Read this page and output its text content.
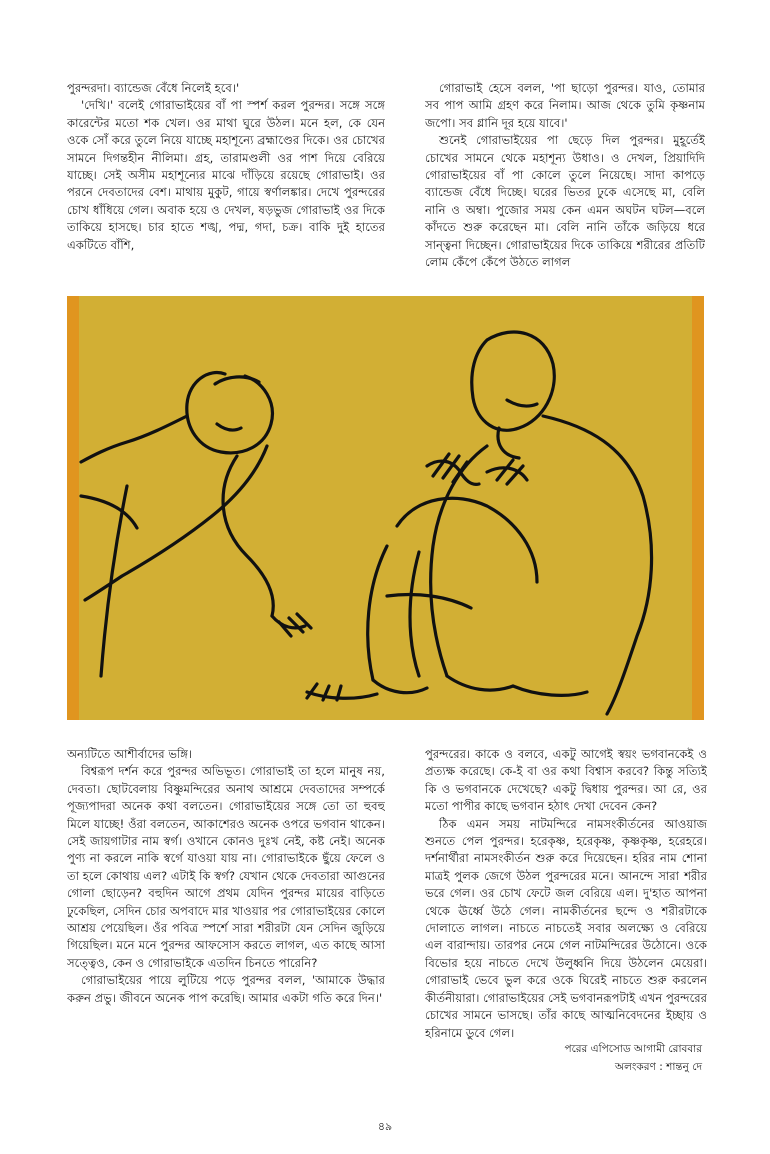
পুরন্দরদা। ব্যান্ডেজ বেঁধে নিলেই হবে।'

'দেখি।' বলেই গোরাভাইয়ের বাঁ পা স্পর্শ করল পুরন্দর। সঙ্গে সঙ্গে কারেন্টের মতো শক খেল। ওর মাথা ঘুরে উঠল। মনে হল, কে যেন ওকে সোঁ করে তুলে নিয়ে যাচ্ছে মহাশূন্যে ব্রহ্মাণ্ডের দিকে। ওর চোখের সামনে দিগন্তহীন নীলিমা। গ্রহ, তারামণ্ডলী ওর পাশ দিয়ে বেরিয়ে যাচ্ছে। সেই অসীম মহাশূন্যের মাঝে দাঁড়িয়ে রয়েছে গোরাভাই। ওর পরনে দেবতাদের বেশ। মাথায় মুকুট, গায়ে স্বর্ণালঙ্কার। দেখে পুরন্দরের চোখ ধাঁধিয়ে গেল। অবাক হয়ে ও দেখল, ষড়ভুজ গোরাভাই ওর দিকে তাকিয়ে হাসছে। চার হাতে শঙ্খ, পদ্ম, গদা, চক্র। বাকি দুই হাতের একটিতে বাঁশি,

গোরাভাই হেসে বলল, 'পা ছাড়ো পুরন্দর। যাও, তোমার সব পাপ আমি গ্রহণ করে নিলাম। আজ থেকে তুমি কৃষ্ণনাম জপো। সব গ্লানি দূর হয়ে যাবে।'

শুনেই গোরাভাইয়ের পা ছেড়ে দিল পুরন্দর। মুহূর্তেই চোখের সামনে থেকে মহাশূন্য উধাও। ও দেখল, প্রিয়াদিদি গোরাভাইয়ের বাঁ পা কোলে তুলে নিয়েছে। সাদা কাপড়ে ব্যান্ডেজ বেঁধে দিচ্ছে। ঘরের ভিতর ঢুকে এসেছে মা, বেলি নানি ও অম্বা। পুজোর সময় কেন এমন অঘটন ঘটল—বলে কাঁদতে শুরু করেছেন মা। বেলি নানি তাঁকে জড়িয়ে ধরে সান্ত্বনা দিচ্ছেন। গোরাভাইয়ের দিকে তাকিয়ে শরীরের প্রতিটি লোম কেঁপে কেঁপে উঠতে লাগল

অন্যটিতে আশীর্বাদের ভঙ্গি।

বিশ্বরূপ দর্শন করে পুরন্দর অভিভূত। গোরাভাই তা হলে মানুষ নয়, দেবতা। ছোটবেলায় বিষ্ণুমন্দিরের অনাথ আশ্রমে দেবতাদের সম্পর্কে পূজ্যপাদরা অনেক কথা বলতেন। গোরাভাইয়ের সঙ্গে তো তা হুবহু মিলে যাচ্ছে! ওঁরা বলতেন, আকাশেরও অনেক ওপরে ভগবান থাকেন। সেই জায়গাটার নাম স্বর্গ। ওখানে কোনও দুঃখ নেই, কষ্ট নেই। অনেক পুণ্য না করলে নাকি স্বর্গে যাওয়া যায় না। গোরাভাইকে ছুঁয়ে ফেলে ও তা হলে কোথায় এল? এটাই কি স্বর্গ? যেখান থেকে দেবতারা আগুনের গোলা ছোড়েন? বহুদিন আগে প্রথম যেদিন পুরন্দর মায়ের বাড়িতে ঢুকেছিল, সেদিন চোর অপবাদে মার খাওয়ার পর গোরাভাইয়ের কোলে আশ্রয় পেয়েছিল। ওঁর পবিত্র স্পর্শে সারা শরীরটা যেন সেদিন জুড়িয়ে গিয়েছিল। মনে মনে পুরন্দর আফসোস করতে লাগল, এত কাছে আসা সত্ত্বেও, কেন ও গোরাভাইকে এতদিন চিনতে পারেনি?

গোরাভাইয়ের পায়ে লুটিয়ে পড়ে পুরন্দর বলল, 'আমাকে উদ্ধার করুন প্রভু। জীবনে অনেক পাপ করেছি। আমার একটা গতি করে দিন।'

পুরন্দরের। কাকে ও বলবে, একটু আগেই স্বয়ং ভগবানকেই ও প্রত্যক্ষ করেছে। কে-ই বা ওর কথা বিশ্বাস করবে? কিন্তু সত্যিই কি ও ভগবানকে দেখেছে? একটু দ্বিধায় পুরন্দর। আ রে, ওর মতো পাপীর কাছে ভগবান হঠাৎ দেখা দেবেন কেন?

ঠিক এমন সময় নাটমন্দিরে নামসংকীর্তনের আওয়াজ শুনতে পেল পুরন্দর। হরেকৃষ্ণ, হরেকৃষ্ণ, কৃষ্ণকৃষ্ণ, হরেহরে। দর্শনার্থীরা নামসংকীর্তন শুরু করে দিয়েছেন। হরির নাম শোনা মাত্রই পুলক জেগে উঠল পুরন্দরের মনে। আনন্দে সারা শরীর ভরে গেল। ওর চোখ ফেটে জল বেরিয়ে এল। দু'হাত আপনা থেকে ঊর্ধ্বে উঠে গেল। নামকীর্তনের ছন্দে ও শরীরটাকে দোলাতে লাগল। নাচতে নাচতেই সবার অলক্ষ্যে ও বেরিয়ে এল বারান্দায়। তারপর নেমে গেল নাটমন্দিরের উঠোনে। ওকে বিভোর হয়ে নাচতে দেখে উলুধ্বনি দিয়ে উঠলেন মেয়েরা। গোরাভাই ভেবে ভুল করে ওকে ঘিরেই নাচতে শুরু করলেন কীর্তনীয়ারা। গোরাভাইয়ের সেই ভগবানরূপটাই এখন পুরন্দরের চোখের সামনে ভাসছে। তাঁর কাছে আত্মনিবেদনের ইচ্ছায় ও হরিনামে ডুবে গেল।

পরের এপিসোড আগামী রোববার
অলংকরণ : শান্তনু দে
৪৯
